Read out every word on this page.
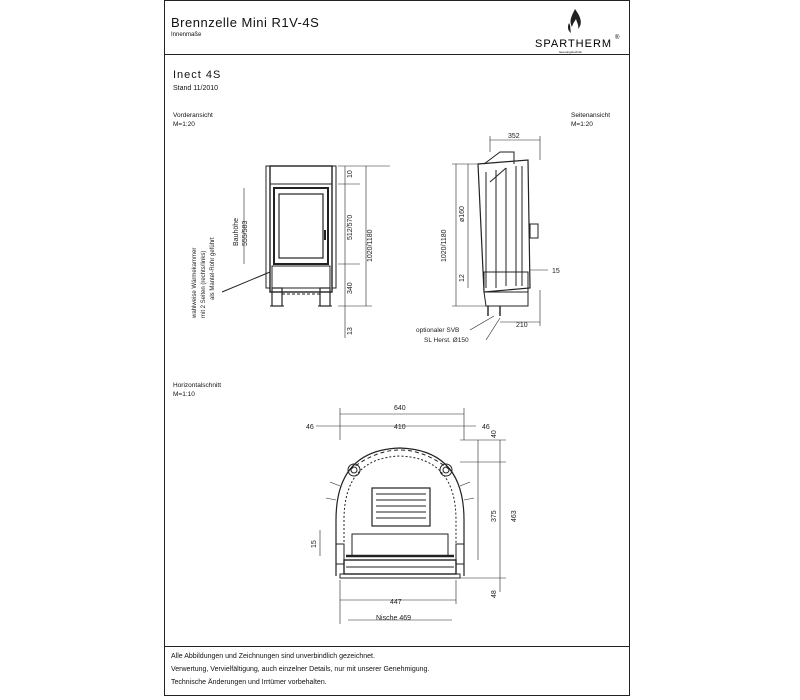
Brennzelle Mini R1V-4S
Innenmaße
SPARTHERM ®
feuerungstechnik
Inect 4S
Stand 11/2010
Vorderansicht
M=1:20
Seitenansicht
M=1:20
Horizontalschnitt
M=1:10
Alle Abbildungen und Zeichnungen sind unverbindlich gezeichnet.
Verwertung, Vervielfältigung, auch einzelner Details, nur mit unserer Genehmigung.
Technische Änderungen und Irrtümer vorbehalten.
10
512/570
1020/1180
340
13
Bauhöhe 555/583
wahlweise Wärmekammer mit 2 Seiten (rechts/links) als Mantel-Rohr geführt
352
1020/1180
ø160
12
15
210
optionaler SVB
SL Herst. Ø150
640
410
46	46
40
375 463
15
447
48
Nische 469
